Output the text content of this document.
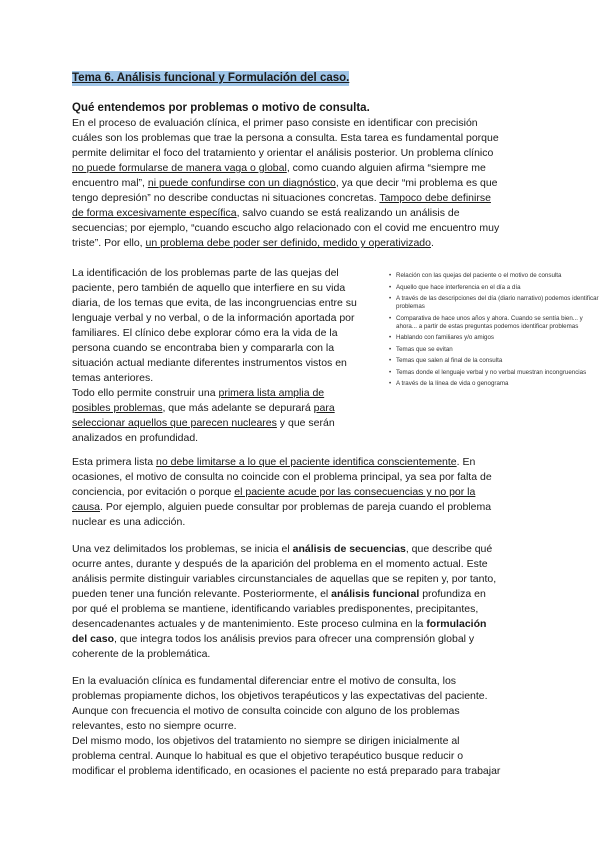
Tema 6. Análisis funcional y Formulación del caso.
Qué entendemos por problemas o motivo de consulta.
En el proceso de evaluación clínica, el primer paso consiste en identificar con precisión
cuáles son los problemas que trae la persona a consulta. Esta tarea es fundamental porque
permite delimitar el foco del tratamiento y orientar el análisis posterior. Un problema clínico
no puede formularse de manera vaga o global, como cuando alguien afirma “siempre me
encuentro mal”, ni puede confundirse con un diagnóstico, ya que decir “mi problema es que
tengo depresión” no describe conductas ni situaciones concretas. Tampoco debe definirse
de forma excesivamente específica, salvo cuando se está realizando un análisis de
secuencias; por ejemplo, “cuando escucho algo relacionado con el covid me encuentro muy
triste”. Por ello, un problema debe poder ser definido, medido y operativizado.
La identificación de los problemas parte de las quejas del
paciente, pero también de aquello que interfiere en su vida
diaria, de los temas que evita, de las incongruencias entre su
lenguaje verbal y no verbal, o de la información aportada por
familiares. El clínico debe explorar cómo era la vida de la
persona cuando se encontraba bien y compararla con la
situación actual mediante diferentes instrumentos vistos en
temas anteriores.
Todo ello permite construir una primera lista amplia de
posibles problemas, que más adelante se depurará para
seleccionar aquellos que parecen nucleares y que serán
analizados en profundidad.
• Relación con las quejas del paciente o el motivo de consulta
• Aquello que hace interferencia en el día a día
• A través de las descripciones del día (diario narrativo) podemos identificar problemas
• Comparativa de hace unos años y ahora. Cuando se sentía bien... y ahora... a partir de estas preguntas podemos identificar problemas
• Hablando con familiares y/o amigos
• Temas que se evitan
• Temas que salen al final de la consulta
• Temas donde el lenguaje verbal y no verbal muestran incongruencias
• A través de la línea de vida o genograma
Esta primera lista no debe limitarse a lo que el paciente identifica conscientemente. En
ocasiones, el motivo de consulta no coincide con el problema principal, ya sea por falta de
conciencia, por evitación o porque el paciente acude por las consecuencias y no por la
causa. Por ejemplo, alguien puede consultar por problemas de pareja cuando el problema
nuclear es una adicción.
Una vez delimitados los problemas, se inicia el análisis de secuencias, que describe qué
ocurre antes, durante y después de la aparición del problema en el momento actual. Este
análisis permite distinguir variables circunstanciales de aquellas que se repiten y, por tanto,
pueden tener una función relevante. Posteriormente, el análisis funcional profundiza en
por qué el problema se mantiene, identificando variables predisponentes, precipitantes,
desencadenantes actuales y de mantenimiento. Este proceso culmina en la formulación
del caso, que integra todos los análisis previos para ofrecer una comprensión global y
coherente de la problemática.
En la evaluación clínica es fundamental diferenciar entre el motivo de consulta, los
problemas propiamente dichos, los objetivos terapéuticos y las expectativas del paciente.
Aunque con frecuencia el motivo de consulta coincide con alguno de los problemas
relevantes, esto no siempre ocurre.
Del mismo modo, los objetivos del tratamiento no siempre se dirigen inicialmente al
problema central. Aunque lo habitual es que el objetivo terapéutico busque reducir o
modificar el problema identificado, en ocasiones el paciente no está preparado para trabajar
